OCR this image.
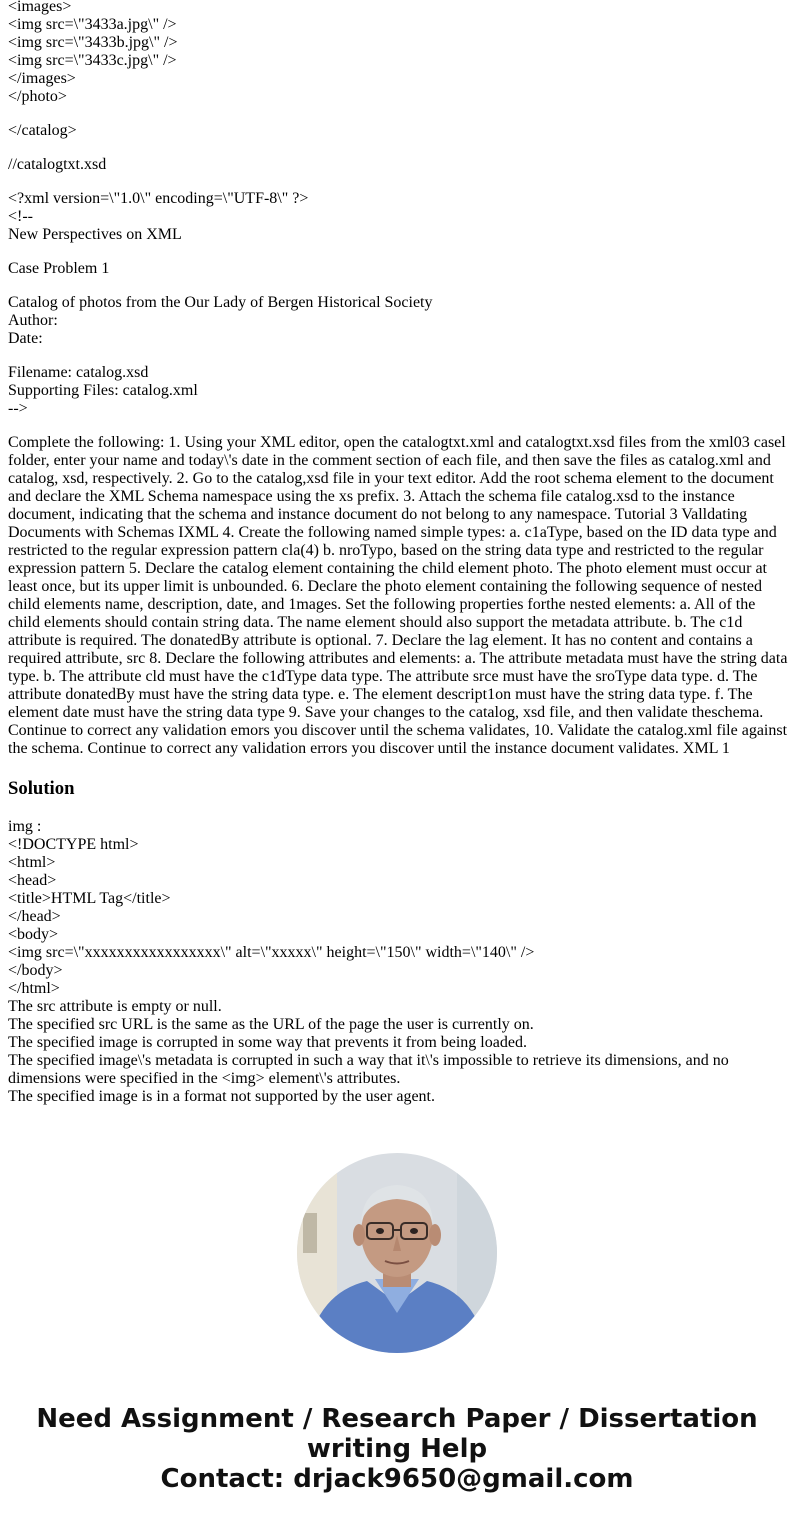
<images>
<img src=\"3433a.jpg\" />
<img src=\"3433b.jpg\" />
<img src=\"3433c.jpg\" />
</images>
</photo>
</catalog>
//catalogtxt.xsd
<?xml version=\"1.0\" encoding=\"UTF-8\" ?>
<!--
New Perspectives on XML
Case Problem 1
Catalog of photos from the Our Lady of Bergen Historical Society
Author:
Date:
Filename: catalog.xsd
Supporting Files: catalog.xml
-->

Complete the following: 1. Using your XML editor, open the catalogtxt.xml and catalogtxt.xsd files from the xml03 casel folder, enter your name and today\'s date in the comment section of each file, and then save the files as catalog.xml and catalog, xsd, respectively. 2. Go to the catalog,xsd file in your text editor. Add the root schema element to the document and declare the XML Schema namespace using the xs prefix. 3. Attach the schema file catalog.xsd to the instance document, indicating that the schema and instance document do not belong to any namespace. Tutorial 3 Valldating Documents with Schemas IXML 4. Create the following named simple types: a. c1aType, based on the ID data type and restricted to the regular expression pattern cla(4) b. nroTypo, based on the string data type and restricted to the regular expression pattern 5. Declare the catalog element containing the child element photo. The photo element must occur at least once, but its upper limit is unbounded. 6. Declare the photo element containing the following sequence of nested child elements name, description, date, and 1mages. Set the following properties forthe nested elements: a. All of the child elements should contain string data. The name element should also support the metadata attribute. b. The c1d attribute is required. The donatedBy attribute is optional. 7. Declare the lag element. It has no content and contains a required attribute, src 8. Declare the following attributes and elements: a. The attribute metadata must have the string data type. b. The attribute cld must have the c1dType data type. The attribute srce must have the sroType data type. d. The attribute donatedBy must have the string data type. e. The element descript1on must have the string data type. f. The element date must have the string data type 9. Save your changes to the catalog, xsd file, and then validate theschema. Continue to correct any validation emors you discover until the schema validates, 10. Validate the catalog.xml file against the schema. Continue to correct any validation errors you discover until the instance document validates. XML 1

Solution
img :
<!DOCTYPE html>
<html>
<head>
<title>HTML Tag</title>
</head>
<body>
<img src=\"xxxxxxxxxxxxxxxxx\" alt=\"xxxxx\" height=\"150\" width=\"140\" />
</body>
</html>
The src attribute is empty or null.
The specified src URL is the same as the URL of the page the user is currently on.
The specified image is corrupted in some way that prevents it from being loaded.

The specified image\'s metadata is corrupted in such a way that it\'s impossible to retrieve its dimensions, and no dimensions were specified in the <img> element\'s attributes.

The specified image is in a format not supported by the user agent.
Need Assignment / Research Paper / Dissertation
writing Help
Contact: drjack9650@gmail.com
